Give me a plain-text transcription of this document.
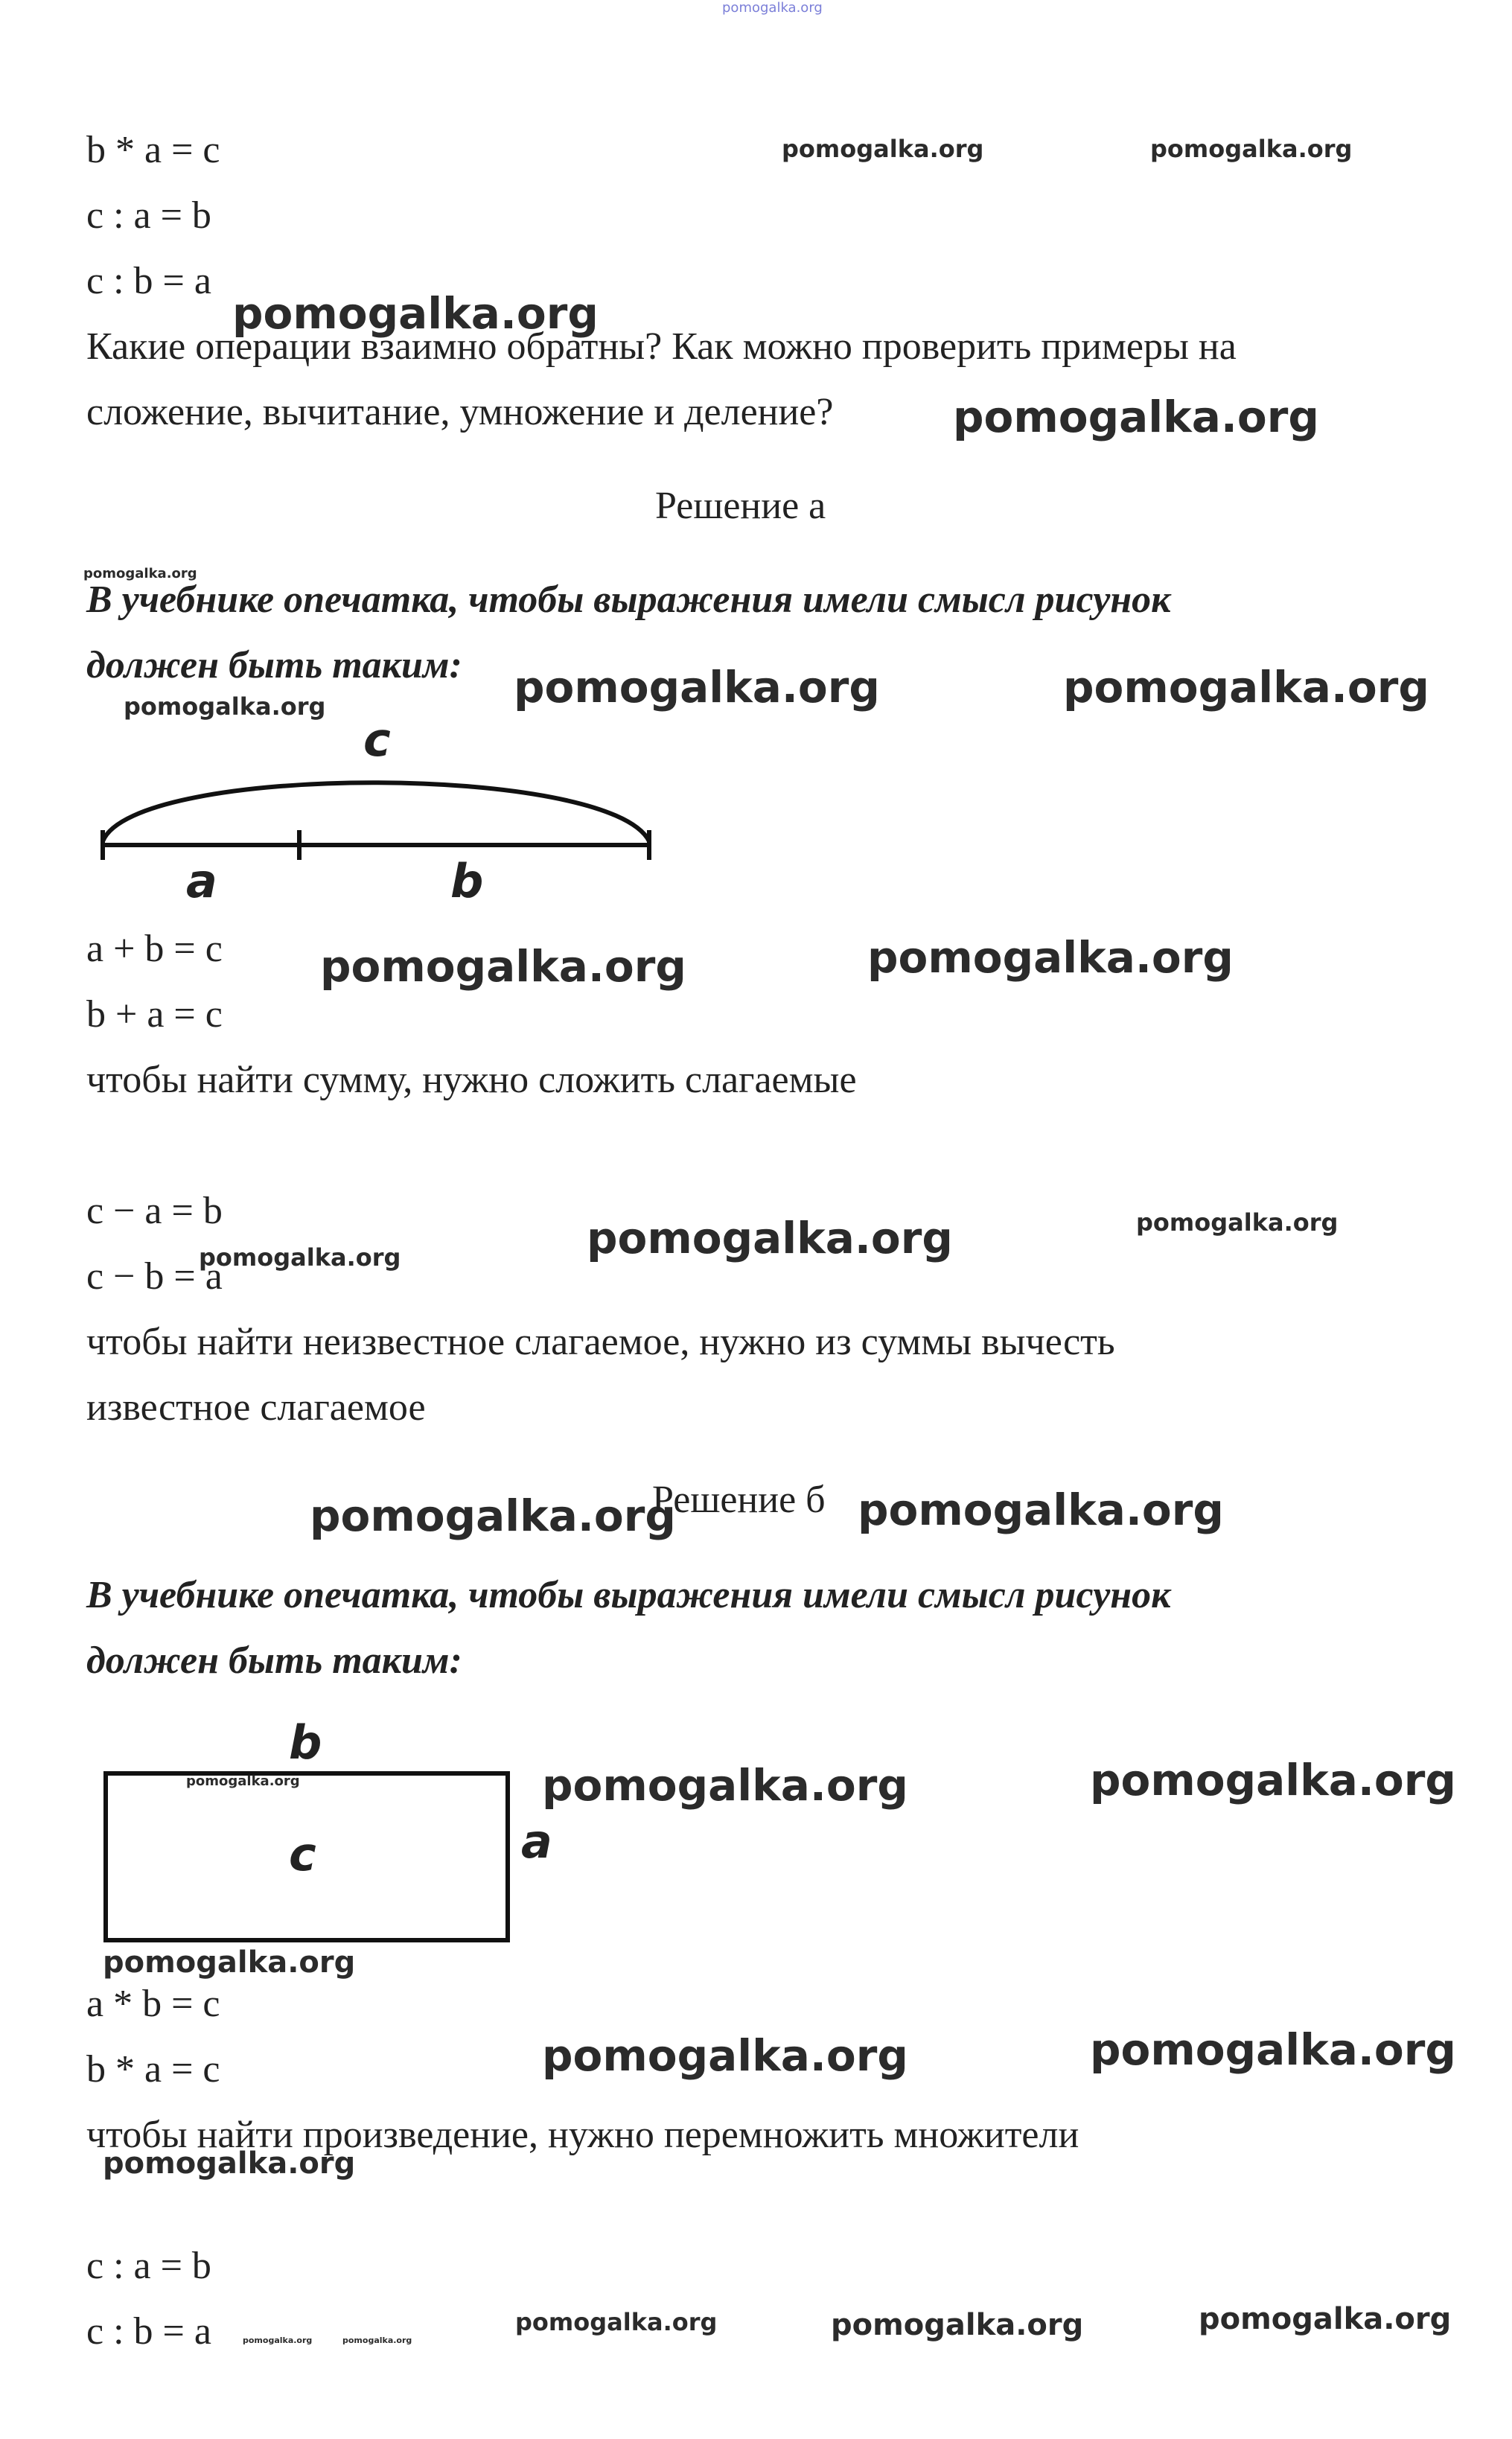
pomogalka.org
b * a = c
c : a = b
c : b = a
Какие операции взаимно обратны? Как можно проверить примеры на
сложение, вычитание, умножение и деление?
pomogalka.org	pomogalka.org
pomogalka.org
pomogalka.org
Решение а
pomogalka.org
В учебнике опечатка, чтобы выражения имели смысл рисунок
должен быть таким: pomogalka.org	pomogalka.org
pomogalka.org
c
a	b
a + b = c
b + a = c
чтобы найти сумму, нужно сложить слагаемые
pomogalka.org	pomogalka.org
c − a = b
c − b = a
pomogalka.org	pomogalka.org
pomogalka.org
чтобы найти неизвестное слагаемое, нужно из суммы вычесть
известное слагаемое
pomogalka.org
Решение б pomogalka.org
В учебнике опечатка, чтобы выражения имели смысл рисунок
должен быть таким:
b
c	a
pomogalka.org	pomogalka.org	pomogalka.org
pomogalka.org
a * b = c
b * a = c	pomogalka.org	pomogalka.org
чтобы найти произведение, нужно перемножить множители
pomogalka.org
c : a = b
c : b = a	pomogalka.org	pomogalka.org
pomogalka.org	pomogalka.org	pomogalka.org
